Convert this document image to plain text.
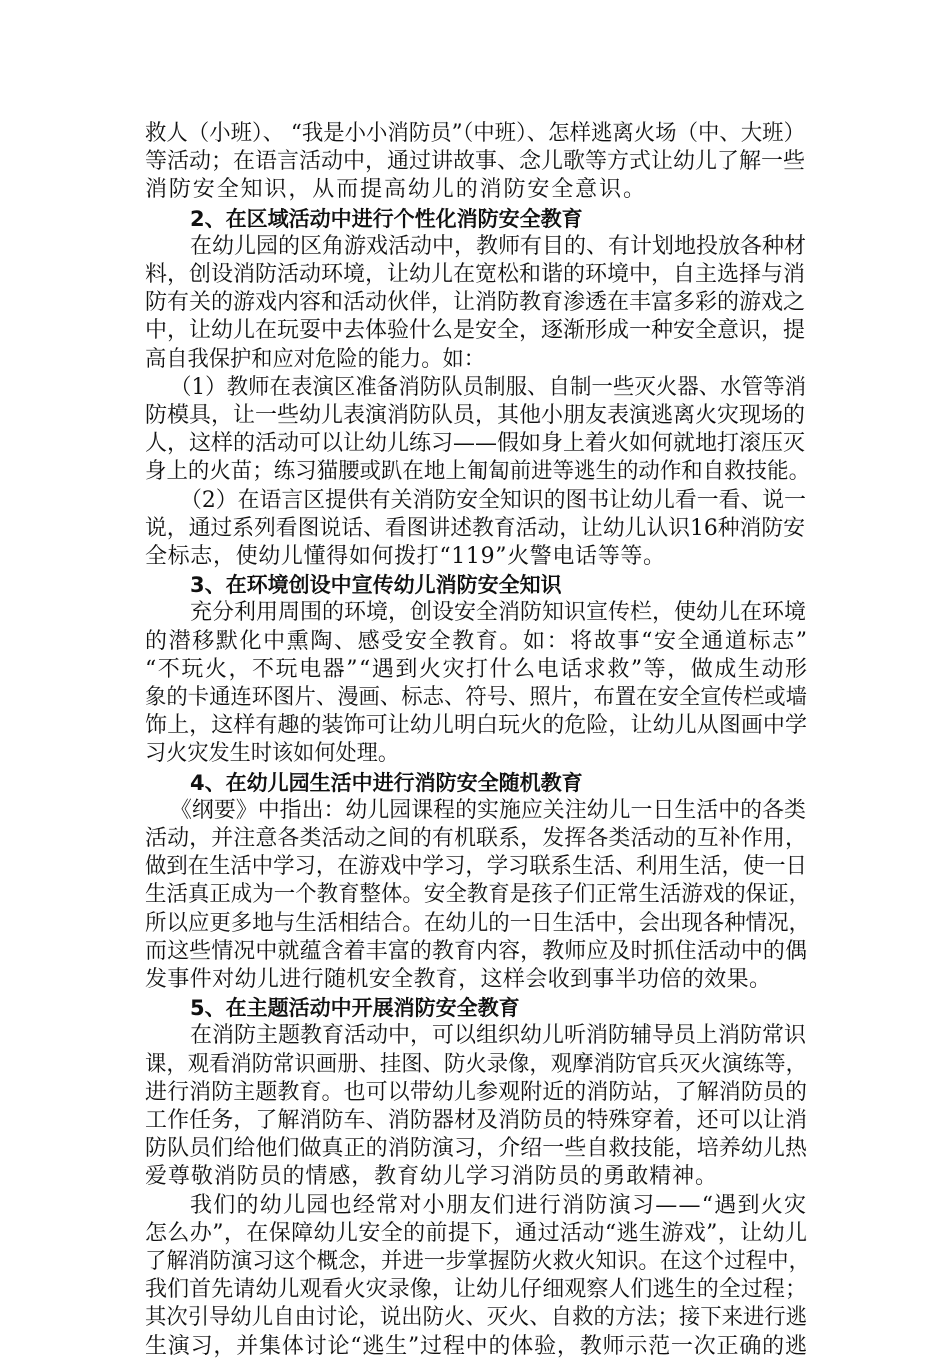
救人（小班）、 “我是小小消防员”（中班）、怎样逃离火场（中、大班）
等活动；在语言活动中，通过讲故事、念儿歌等方式让幼儿了解一些
消防安全知识，从而提高幼儿的消防安全意识。
2、在区域活动中进行个性化消防安全教育
在幼儿园的区角游戏活动中，教师有目的、有计划地投放各种材
料，创设消防活动环境，让幼儿在宽松和谐的环境中，自主选择与消
防有关的游戏内容和活动伙伴，让消防教育渗透在丰富多彩的游戏之
中，让幼儿在玩耍中去体验什么是安全，逐渐形成一种安全意识，提
高自我保护和应对危险的能力。如：
（1）教师在表演区准备消防队员制服、自制一些灭火器、水管等消
防模具，让一些幼儿表演消防队员，其他小朋友表演逃离火灾现场的
人，这样的活动可以让幼儿练习——假如身上着火如何就地打滚压灭
身上的火苗；练习猫腰或趴在地上匍匐前进等逃生的动作和自救技能。
（2）在语言区提供有关消防安全知识的图书让幼儿看一看、说一
说，通过系列看图说话、看图讲述教育活动，让幼儿认识16种消防安
全标志，使幼儿懂得如何拨打“119”火警电话等等。
3、在环境创设中宣传幼儿消防安全知识
充分利用周围的环境，创设安全消防知识宣传栏，使幼儿在环境
的潜移默化中熏陶、感受安全教育。如：将故事“安全通道标志”
“不玩火，不玩电器”“遇到火灾打什么电话求救”等，做成生动形
象的卡通连环图片、漫画、标志、符号、照片，布置在安全宣传栏或墙
饰上，这样有趣的装饰可让幼儿明白玩火的危险，让幼儿从图画中学
习火灾发生时该如何处理。
4、在幼儿园生活中进行消防安全随机教育
《纲要》中指出：幼儿园课程的实施应关注幼儿一日生活中的各类
活动，并注意各类活动之间的有机联系，发挥各类活动的互补作用，
做到在生活中学习，在游戏中学习，学习联系生活、利用生活，使一日
生活真正成为一个教育整体。安全教育是孩子们正常生活游戏的保证，
所以应更多地与生活相结合。在幼儿的一日生活中，会出现各种情况，
而这些情况中就蕴含着丰富的教育内容，教师应及时抓住活动中的偶
发事件对幼儿进行随机安全教育，这样会收到事半功倍的效果。
5、在主题活动中开展消防安全教育
在消防主题教育活动中，可以组织幼儿听消防辅导员上消防常识
课，观看消防常识画册、挂图、防火录像，观摩消防官兵灭火演练等，
进行消防主题教育。也可以带幼儿参观附近的消防站，了解消防员的
工作任务，了解消防车、消防器材及消防员的特殊穿着，还可以让消
防队员们给他们做真正的消防演习，介绍一些自救技能，培养幼儿热
爱尊敬消防员的情感，教育幼儿学习消防员的勇敢精神。
我们的幼儿园也经常对小朋友们进行消防演习——“遇到火灾
怎么办”，在保障幼儿安全的前提下，通过活动“逃生游戏”，让幼儿
了解消防演习这个概念，并进一步掌握防火救火知识。在这个过程中，
我们首先请幼儿观看火灾录像，让幼儿仔细观察人们逃生的全过程；
其次引导幼儿自由讨论，说出防火、灭火、自救的方法；接下来进行逃
生演习，并集体讨论“逃生”过程中的体验，教师示范一次正确的逃
